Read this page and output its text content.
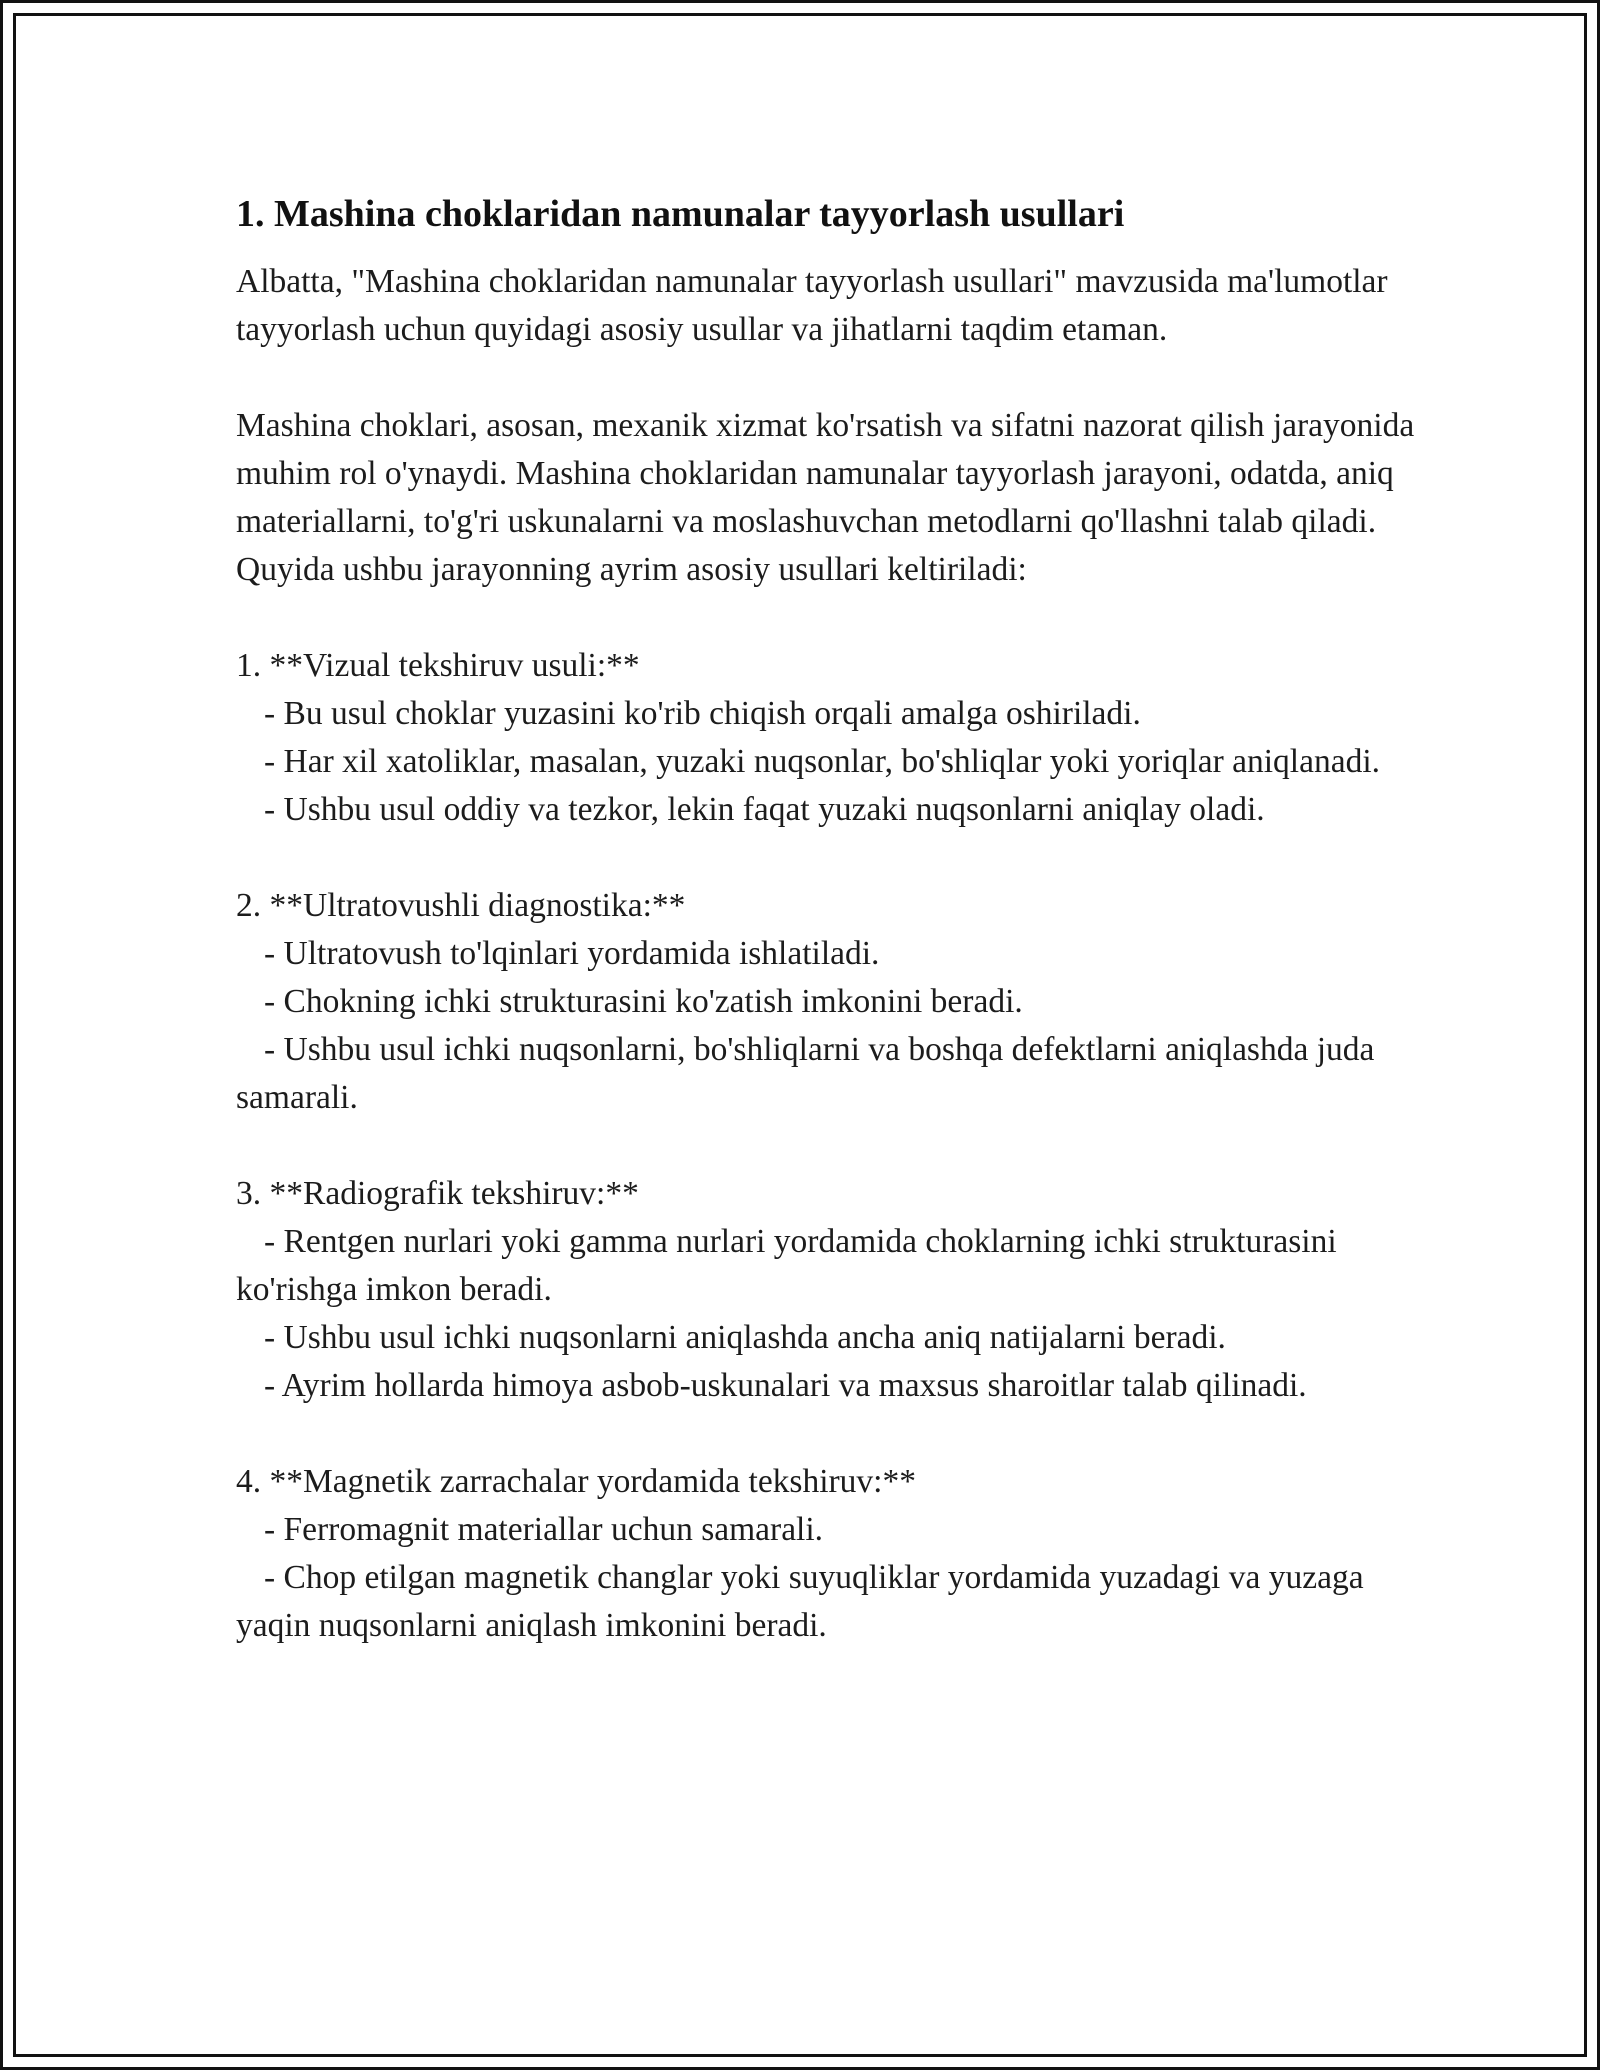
1. Mashina choklaridan namunalar tayyorlash usullari

Albatta, "Mashina choklaridan namunalar tayyorlash usullari" mavzusida ma'lumotlar tayyorlash uchun quyidagi asosiy usullar va jihatlarni taqdim etaman.

Mashina choklari, asosan, mexanik xizmat ko'rsatish va sifatni nazorat qilish jarayonida muhim rol o'ynaydi. Mashina choklaridan namunalar tayyorlash jarayoni, odatda, aniq materiallarni, to'g'ri uskunalarni va moslashuvchan metodlarni qo'llashni talab qiladi. Quyida ushbu jarayonning ayrim asosiy usullari keltiriladi:

1. **Vizual tekshiruv usuli:**

- Bu usul choklar yuzasini ko'rib chiqish orqali amalga oshiriladi.

- Har xil xatoliklar, masalan, yuzaki nuqsonlar, bo'shliqlar yoki yoriqlar aniqlanadi.

- Ushbu usul oddiy va tezkor, lekin faqat yuzaki nuqsonlarni aniqlay oladi.

2. **Ultratovushli diagnostika:**

- Ultratovush to'lqinlari yordamida ishlatiladi.

- Chokning ichki strukturasini ko'zatish imkonini beradi.

- Ushbu usul ichki nuqsonlarni, bo'shliqlarni va boshqa defektlarni aniqlashda juda samarali.

3. **Radiografik tekshiruv:**

- Rentgen nurlari yoki gamma nurlari yordamida choklarning ichki strukturasini ko'rishga imkon beradi.

- Ushbu usul ichki nuqsonlarni aniqlashda ancha aniq natijalarni beradi.

- Ayrim hollarda himoya asbob-uskunalari va maxsus sharoitlar talab qilinadi.

4. **Magnetik zarrachalar yordamida tekshiruv:**

- Ferromagnit materiallar uchun samarali.

- Chop etilgan magnetik changlar yoki suyuqliklar yordamida yuzadagi va yuzaga yaqin nuqsonlarni aniqlash imkonini beradi.
